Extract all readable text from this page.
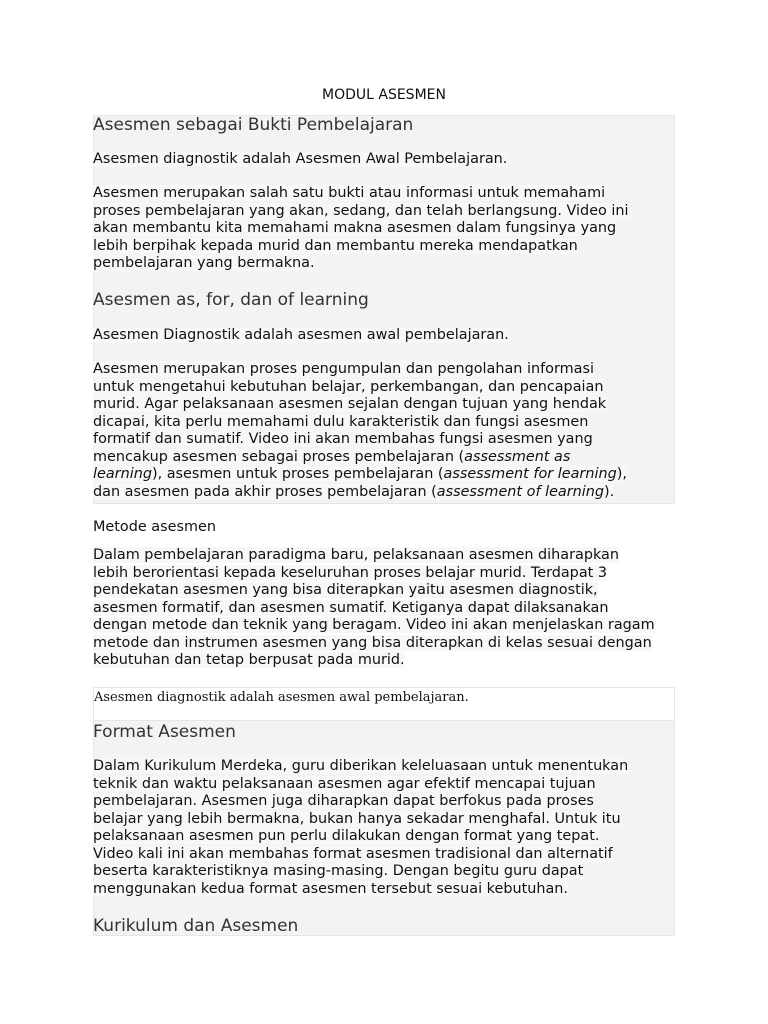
MODUL ASESMEN
Asesmen sebagai Bukti Pembelajaran
Asesmen diagnostik adalah Asesmen Awal Pembelajaran.
Asesmen merupakan salah satu bukti atau informasi untuk memahami
proses pembelajaran yang akan, sedang, dan telah berlangsung. Video ini
akan membantu kita memahami makna asesmen dalam fungsinya yang
lebih berpihak kepada murid dan membantu mereka mendapatkan
pembelajaran yang bermakna.
Asesmen as, for, dan of learning
Asesmen Diagnostik adalah asesmen awal pembelajaran.
Asesmen merupakan proses pengumpulan dan pengolahan informasi
untuk mengetahui kebutuhan belajar, perkembangan, dan pencapaian
murid. Agar pelaksanaan asesmen sejalan dengan tujuan yang hendak
dicapai, kita perlu memahami dulu karakteristik dan fungsi asesmen
formatif dan sumatif. Video ini akan membahas fungsi asesmen yang
mencakup asesmen sebagai proses pembelajaran (assessment as
learning), asesmen untuk proses pembelajaran (assessment for learning),
dan asesmen pada akhir proses pembelajaran (assessment of learning).
Metode asesmen
Dalam pembelajaran paradigma baru, pelaksanaan asesmen diharapkan
lebih berorientasi kepada keseluruhan proses belajar murid. Terdapat 3
pendekatan asesmen yang bisa diterapkan yaitu asesmen diagnostik,
asesmen formatif, dan asesmen sumatif. Ketiganya dapat dilaksanakan
dengan metode dan teknik yang beragam. Video ini akan menjelaskan ragam
metode dan instrumen asesmen yang bisa diterapkan di kelas sesuai dengan
kebutuhan dan tetap berpusat pada murid.
Asesmen diagnostik adalah asesmen awal pembelajaran.
Format Asesmen
Dalam Kurikulum Merdeka, guru diberikan keleluasaan untuk menentukan
teknik dan waktu pelaksanaan asesmen agar efektif mencapai tujuan
pembelajaran. Asesmen juga diharapkan dapat berfokus pada proses
belajar yang lebih bermakna, bukan hanya sekadar menghafal. Untuk itu
pelaksanaan asesmen pun perlu dilakukan dengan format yang tepat.
Video kali ini akan membahas format asesmen tradisional dan alternatif
beserta karakteristiknya masing-masing. Dengan begitu guru dapat
menggunakan kedua format asesmen tersebut sesuai kebutuhan.
Kurikulum dan Asesmen
